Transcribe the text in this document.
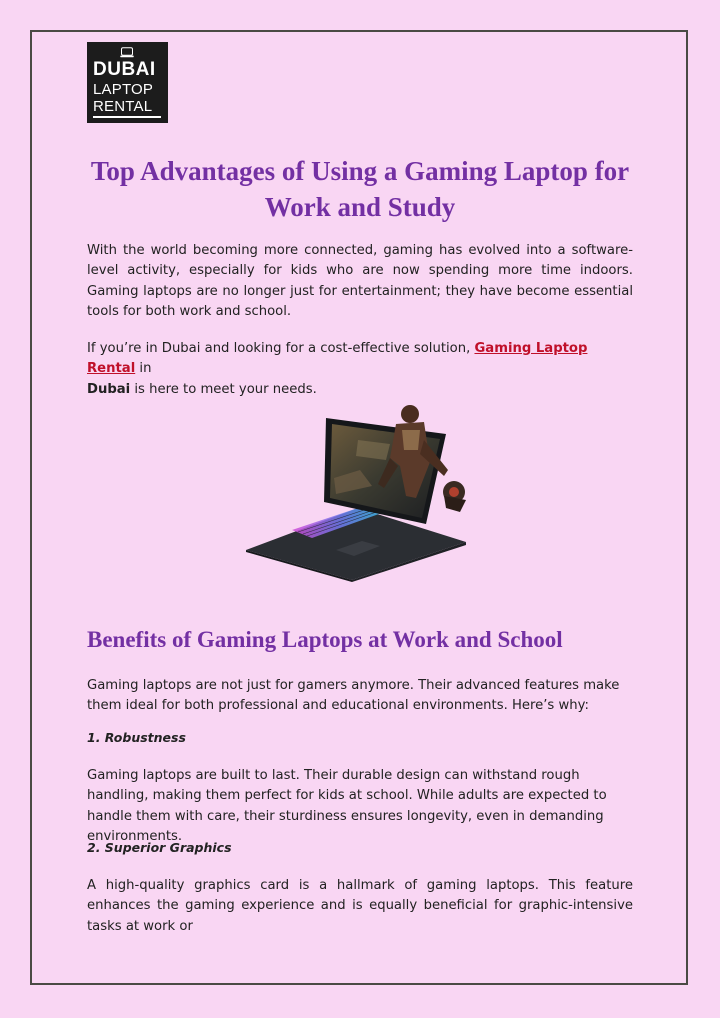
DUBAI
LAPTOP
RENTAL
Top Advantages of Using a Gaming Laptop for Work and Study

With the world becoming more connected, gaming has evolved into a software-level activity, especially for kids who are now spending more time indoors. Gaming laptops are no longer just for entertainment; they have become essential tools for both work and school.

If you’re in Dubai and looking for a cost-effective solution, Gaming Laptop Rental in
Dubai is here to meet your needs.

Benefits of Gaming Laptops at Work and School

Gaming laptops are not just for gamers anymore. Their advanced features make them ideal for both professional and educational environments. Here’s why:

1. Robustness

Gaming laptops are built to last. Their durable design can withstand rough handling, making them perfect for kids at school. While adults are expected to handle them with care, their sturdiness ensures longevity, even in demanding environments.

2. Superior Graphics

A high-quality graphics card is a hallmark of gaming laptops. This feature enhances the gaming experience and is equally beneficial for graphic-intensive tasks at work or
